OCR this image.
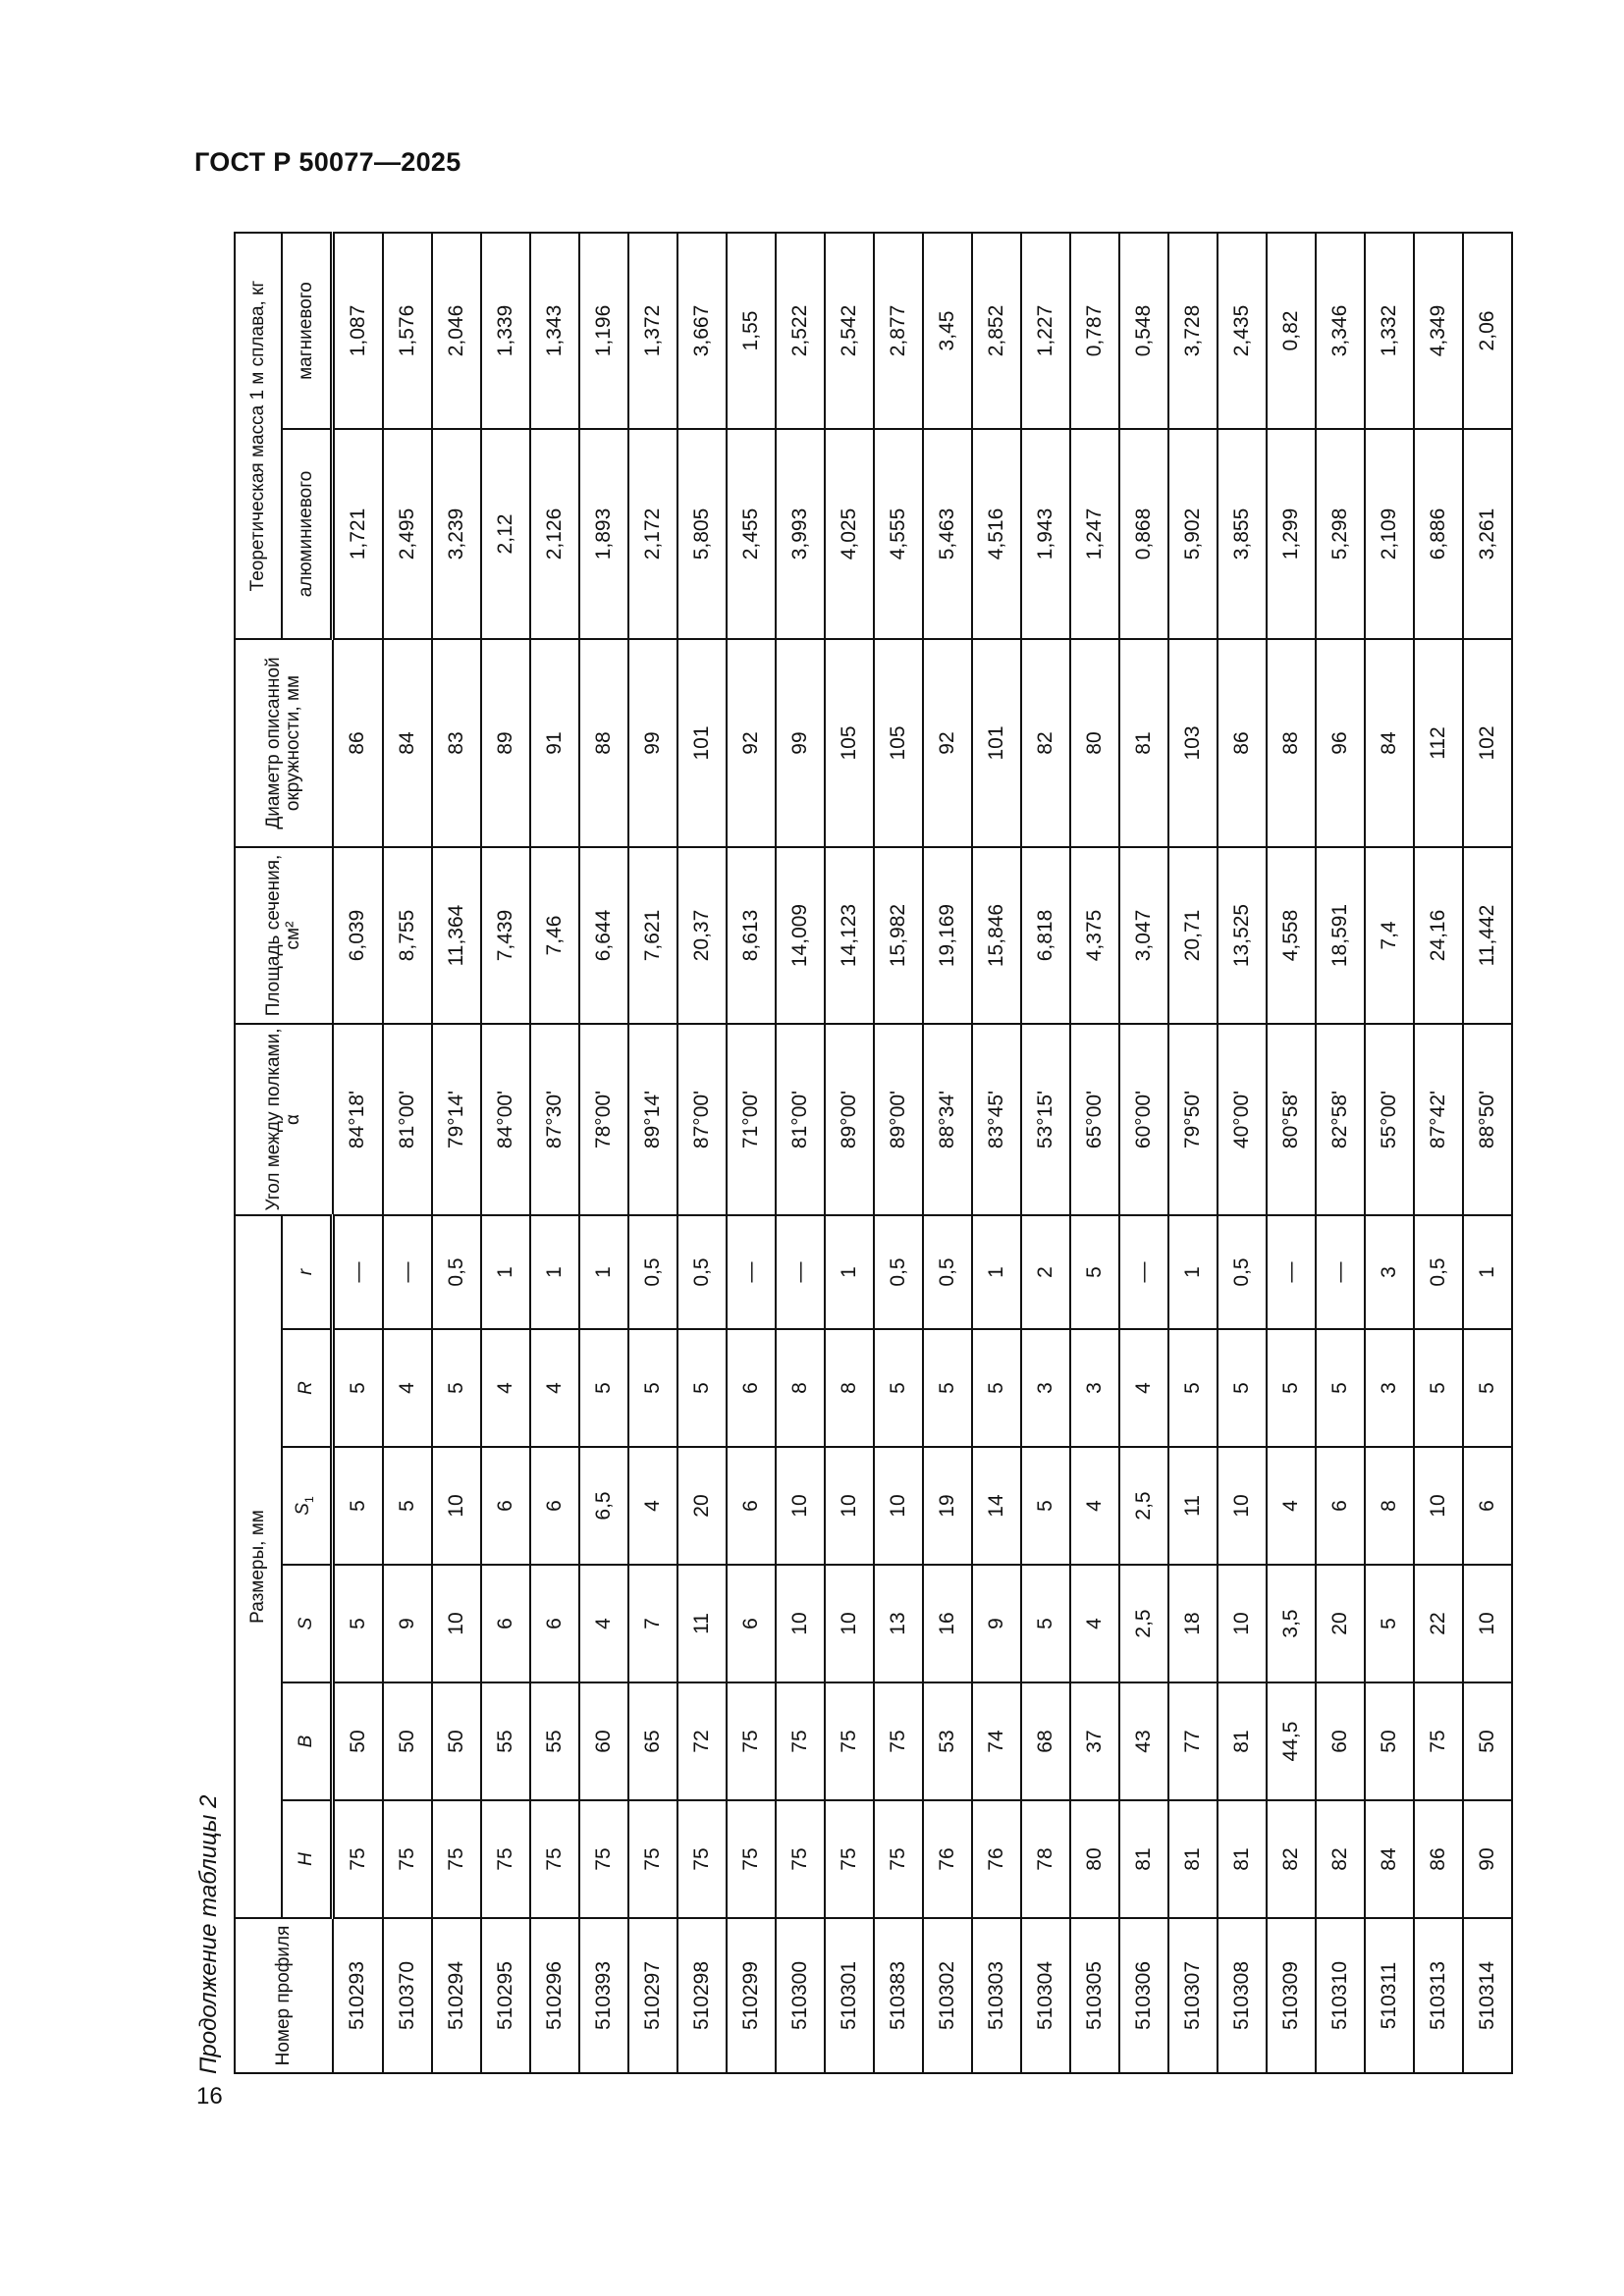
ГОСТ Р 50077—2025
Продолжение таблицы 2	Номер профиля	Размеры, мм						Угол между полками, α	Площадь сечения, см²	Диаметр описанной окружности, мм	Теоретическая масса 1 м сплава, кг	
	H	B	S	$S_1$	R	r				алюминиевого	магниевого
510293	75	50	5	5	5	—	84°18'	6,039	86	1,721	1,087
510370	75	50	9	5	4	—	81°00'	8,755	84	2,495	1,576
510294	75	50	10	10	5	0,5	79°14'	11,364	83	3,239	2,046
510295	75	55	6	6	4	1	84°00'	7,439	89	2,12	1,339
510296	75	55	6	6	4	1	87°30'	7,46	91	2,126	1,343
510393	75	60	4	6,5	5	1	78°00'	6,644	88	1,893	1,196
510297	75	65	7	4	5	0,5	89°14'	7,621	99	2,172	1,372
510298	75	72	11	20	5	0,5	87°00'	20,37	101	5,805	3,667
510299	75	75	6	6	6	—	71°00'	8,613	92	2,455	1,55
510300	75	75	10	10	8	—	81°00'	14,009	99	3,993	2,522
510301	75	75	10	10	8	1	89°00'	14,123	105	4,025	2,542
510383	75	75	13	10	5	0,5	89°00'	15,982	105	4,555	2,877
510302	76	53	16	19	5	0,5	88°34'	19,169	92	5,463	3,45
510303	76	74	9	14	5	1	83°45'	15,846	101	4,516	2,852
510304	78	68	5	5	3	2	53°15'	6,818	82	1,943	1,227
510305	80	37	4	4	3	5	65°00'	4,375	80	1,247	0,787
510306	81	43	2,5	2,5	4	—	60°00'	3,047	81	0,868	0,548
510307	81	77	18	11	5	1	79°50'	20,71	103	5,902	3,728
510308	81	81	10	10	5	0,5	40°00'	13,525	86	3,855	2,435
510309	82	44,5	3,5	4	5	—	80°58'	4,558	88	1,299	0,82
510310	82	60	20	6	5	—	82°58'	18,591	96	5,298	3,346
510311	84	50	5	8	3	3	55°00'	7,4	84	2,109	1,332
510313	86	75	22	10	5	0,5	87°42'	24,16	112	6,886	4,349
510314	90	50	10	6	5	1	88°50'	11,442	102	3,261	2,06
16
